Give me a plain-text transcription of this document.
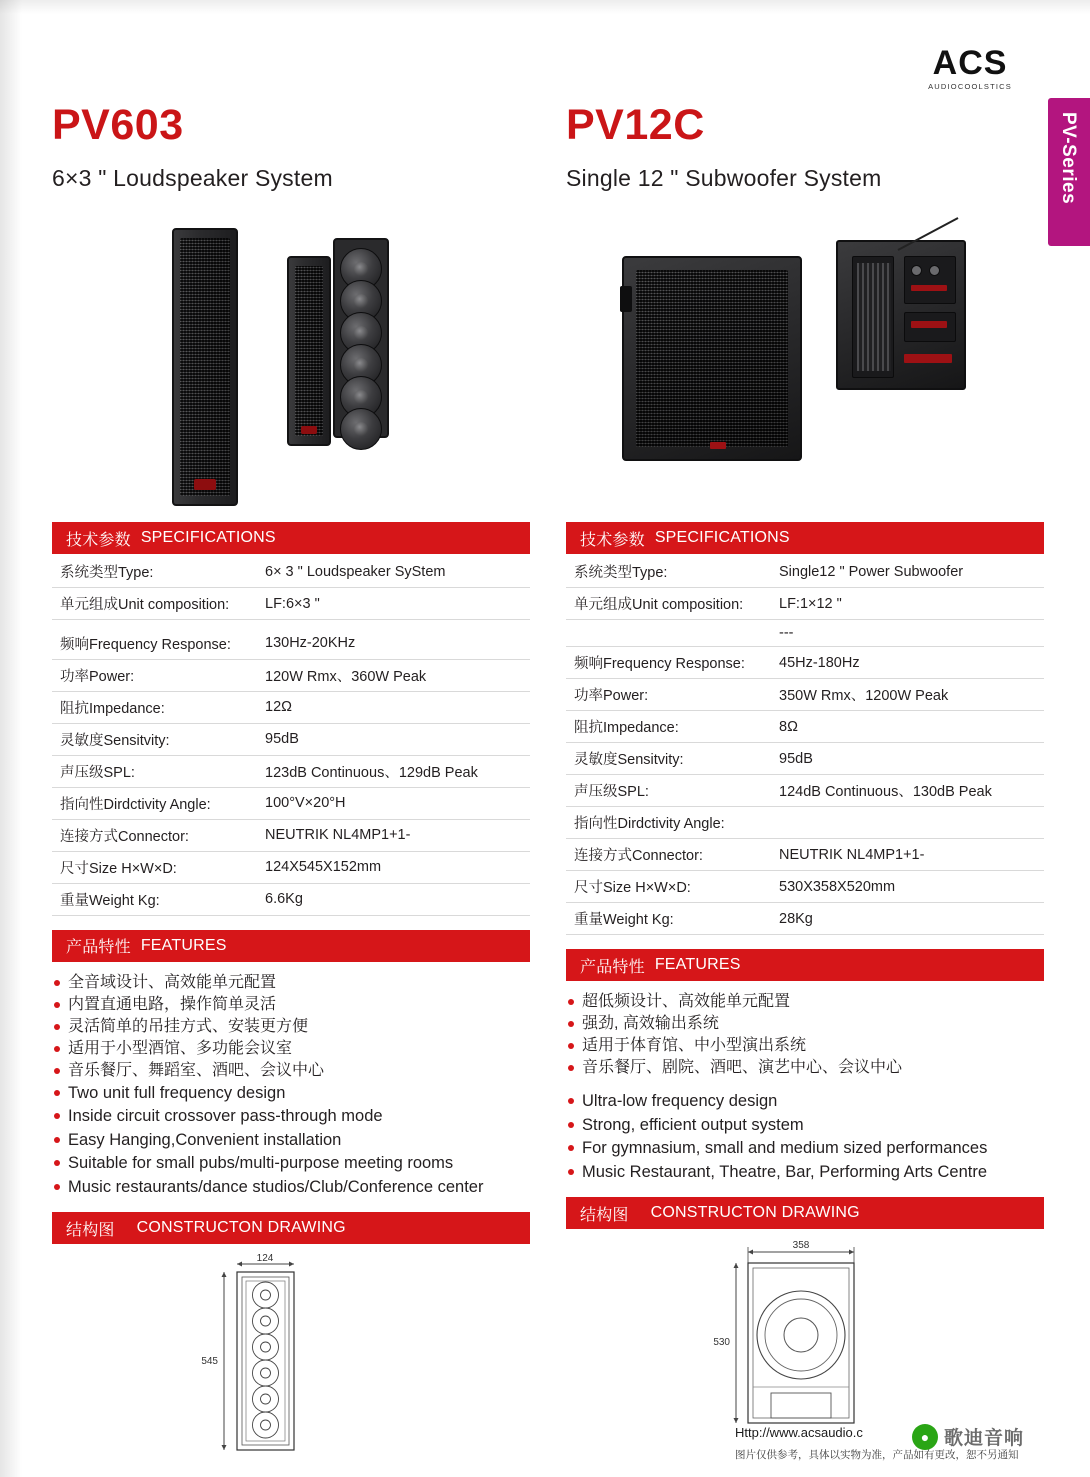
ACS
AUDIOCOOLSTICS
PV-Series
PV603
6×3 " Loudspeaker System
技术参数 SPECIFICATIONS
系统类型Type:	6× 3 " Loudspeaker SyStem
单元组成Unit composition:	LF:6×3 "

频响Frequency Response:	130Hz-20KHz
功率Power:	120W Rmx、360W Peak
阻抗Impedance:	12Ω
灵敏度Sensitvity:	95dB
声压级SPL:	123dB Continuous、129dB Peak
指向性Dirdctivity Angle:	100°V×20°H
连接方式Connector:	NEUTRIK NL4MP1+1-
尺寸Size H×W×D:	124X545X152mm
重量Weight Kg:	6.6Kg
产品特性 FEATURES
全音域设计、高效能单元配置
内置直通电路，操作简单灵活
灵活简单的吊挂方式、安装更方便
适用于小型酒馆、多功能会议室
音乐餐厅、舞蹈室、酒吧、会议中心
Two unit full frequency design
Inside circuit crossover pass-through mode
Easy Hanging,Convenient installation
Suitable for small pubs/multi-purpose meeting rooms
Music restaurants/dance studios/Club/Conference center
结构图 CONSTRUCTON DRAWING
124
545
PV12C
Single 12 " Subwoofer System
技术参数 SPECIFICATIONS
系统类型Type:	Single12 " Power Subwoofer
单元组成Unit composition:	LF:1×12 "
	---
频响Frequency Response:	45Hz-180Hz
功率Power:	350W Rmx、1200W Peak
阻抗Impedance:	8Ω
灵敏度Sensitvity:	95dB
声压级SPL:	124dB Continuous、130dB Peak
指向性Dirdctivity Angle:	
连接方式Connector:	NEUTRIK NL4MP1+1-
尺寸Size H×W×D:	530X358X520mm
重量Weight Kg:	28Kg
产品特性 FEATURES
超低频设计、高效能单元配置
强劲, 高效输出系统
适用于体育馆、中小型演出系统
音乐餐厅、剧院、酒吧、演艺中心、会议中心
Ultra-low frequency design
Strong, efficient output system
For gymnasium, small and medium sized performances
Music Restaurant, Theatre, Bar, Performing Arts Centre
结构图 CONSTRUCTON DRAWING
358
530
Http://www.acsaudio.c
图片仅供参考，具体以实物为准，产品如有更改，恕不另通知
● 歌迪音响
